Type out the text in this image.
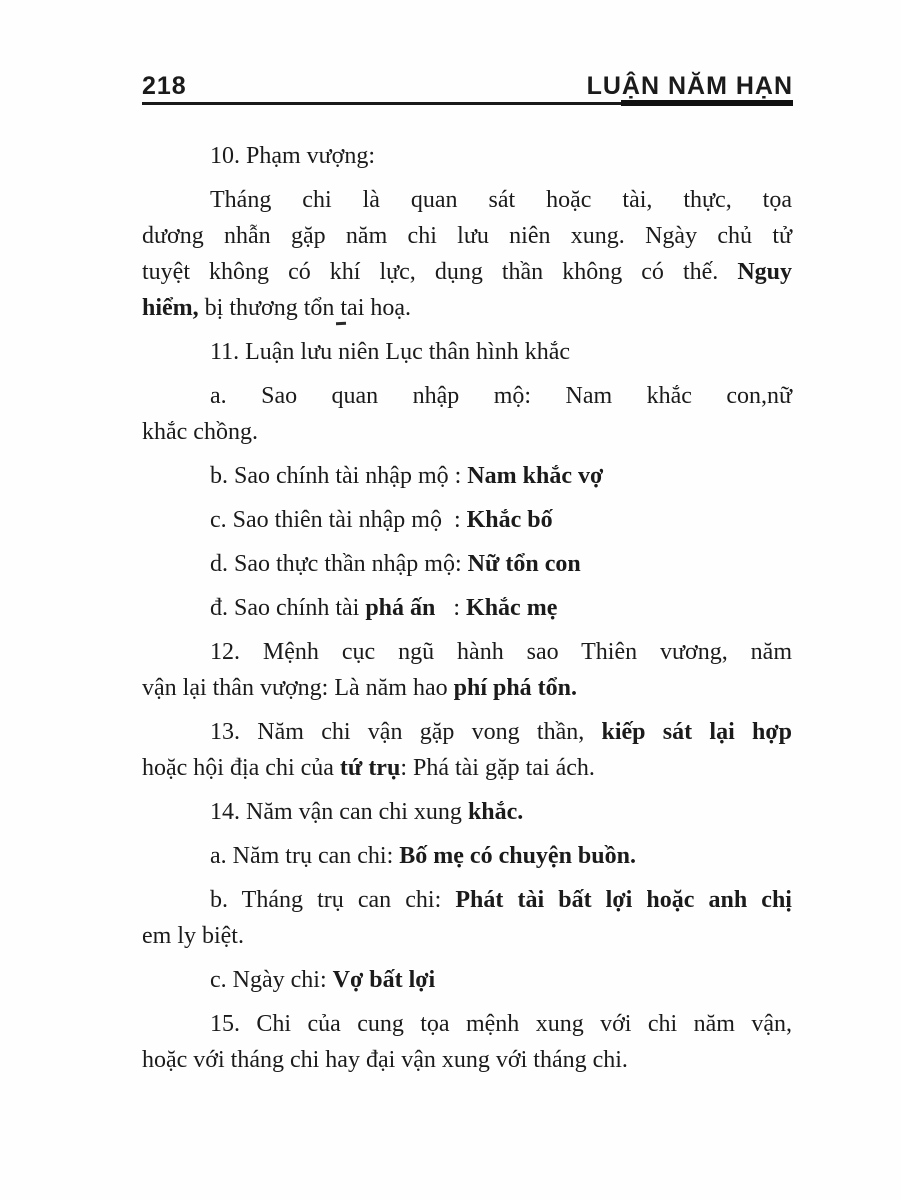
218	LUẬN NĂM HẠN
10. Phạm vượng:
Tháng chi là quan sát hoặc tài, thực, tọa
dương nhẫn gặp năm chi lưu niên xung. Ngày chủ tử
tuyệt không có khí lực, dụng thần không có thế. Nguy
hiểm, bị thương tổn tai hoạ.
11. Luận lưu niên Lục thân hình khắc
a. Sao quan nhập mộ: Nam khắc con,nữ
khắc chồng.
b. Sao chính tài nhập mộ : Nam khắc vợ
c. Sao thiên tài nhập mộ  : Khắc bố
d. Sao thực thần nhập mộ: Nữ tổn con
đ. Sao chính tài phá ấn   : Khắc mẹ
12. Mệnh cục ngũ hành sao Thiên vương, năm
vận lại thân vượng: Là năm hao phí phá tổn.
13. Năm chi vận gặp vong thần, kiếp sát lại hợp
hoặc hội địa chi của tứ trụ: Phá tài gặp tai ách.
14. Năm vận can chi xung khắc.
a. Năm trụ can chi: Bố mẹ có chuyện buồn.
b. Tháng trụ can chi: Phát tài bất lợi hoặc anh chị
em ly biệt.
c. Ngày chi: Vợ bất lợi
15. Chi của cung tọa mệnh xung với chi năm vận,
hoặc với tháng chi hay đại vận xung với tháng chi.
